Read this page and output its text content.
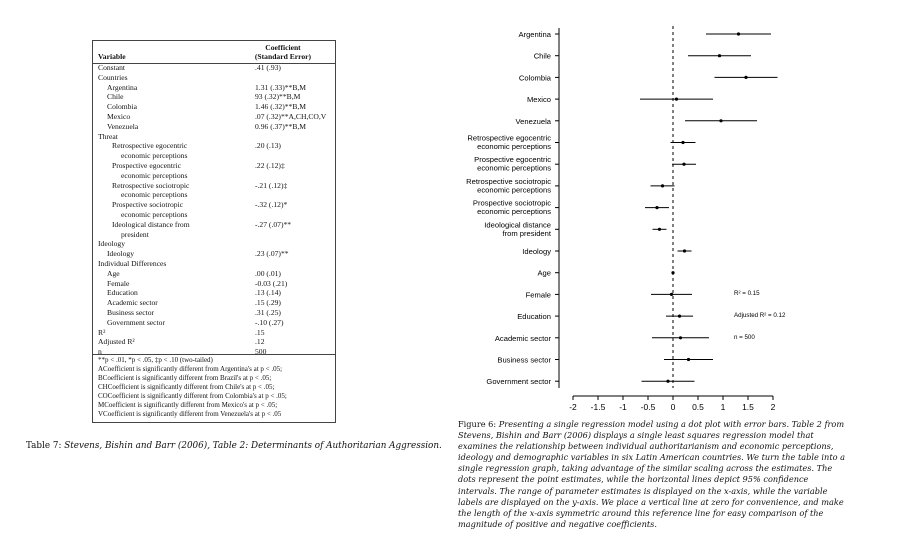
Variable
Coefficient
(Standard Error)
Constant	.41 (.93)
Countries
Argentina	1.31 (.33)**B,M
Chile	93 (.32)**B,M
Colombia	1.46 (.32)**B,M
Mexico	.07 (.32)**A,CH,CO,V
Venezuela	0.96 (.37)**B,M
Threat
Retrospective egocentric	.20 (.13)
economic perceptions
Prospective egocentric	.22 (.12)‡
economic perceptions
Retrospective sociotropic	-.21 (.12)‡
economic perceptions
Prospective sociotropic	-.32 (.12)*
economic perceptions
Ideological distance from	-.27 (.07)**
president
Ideology
Ideology	.23 (.07)**
Individual Differences
Age	.00 (.01)
Female	-0.03 (.21)
Education	.13 (.14)
Academic sector	.15 (.29)
Business sector	.31 (.25)
Government sector	-.10 (.27)
R²	.15
Adjusted R²	.12
n	500
**p < .01, *p < .05, ‡p < .10 (two-tailed)
ACoefficient is significantly different from Argentina's at p < .05;
BCoefficient is significantly different from Brazil's at p < .05;
CHCoefficient is significantly different from Chile's at p < .05;
COCoefficient is significantly different from Colombia's at p < .05;
MCoefficient is significantly different from Mexico's at p < .05;
VCoefficient is significantly different from Venezuela's at p < .05
Table 7: Stevens, Bishin and Barr (2006), Table 2: Determinants of Authoritarian Aggression.
-2 -1.5 -1 -0.5 0 0.5 1 1.5 2
Argentina
Chile
Colombia
Mexico
Venezuela
Retrospective egocentric
economic perceptions
Prospective egocentric
economic perceptions
Retrospective sociotropic
economic perceptions
Prospective sociotropic
economic perceptions
Ideological distance
from president
Ideology
Age
Female
Education
Academic sector
Business sector
Government sector
R² = 0.15
Adjusted R² = 0.12
n = 500
Figure 6: Presenting a single regression model using a dot plot with error bars. Table 2 from Stevens, Bishin and Barr (2006) displays a single least squares regression model that examines the relationship between individual authoritarianism and economic perceptions, ideology and demographic variables in six Latin American countries. We turn the table into a single regression graph, taking advantage of the similar scaling across the estimates. The dots represent the point estimates, while the horizontal lines depict 95% confidence intervals. The range of parameter estimates is displayed on the x-axis, while the variable labels are displayed on the y-axis. We place a vertical line at zero for convenience, and make the length of the x-axis symmetric around this reference line for easy comparison of the magnitude of positive and negative coefficients.
